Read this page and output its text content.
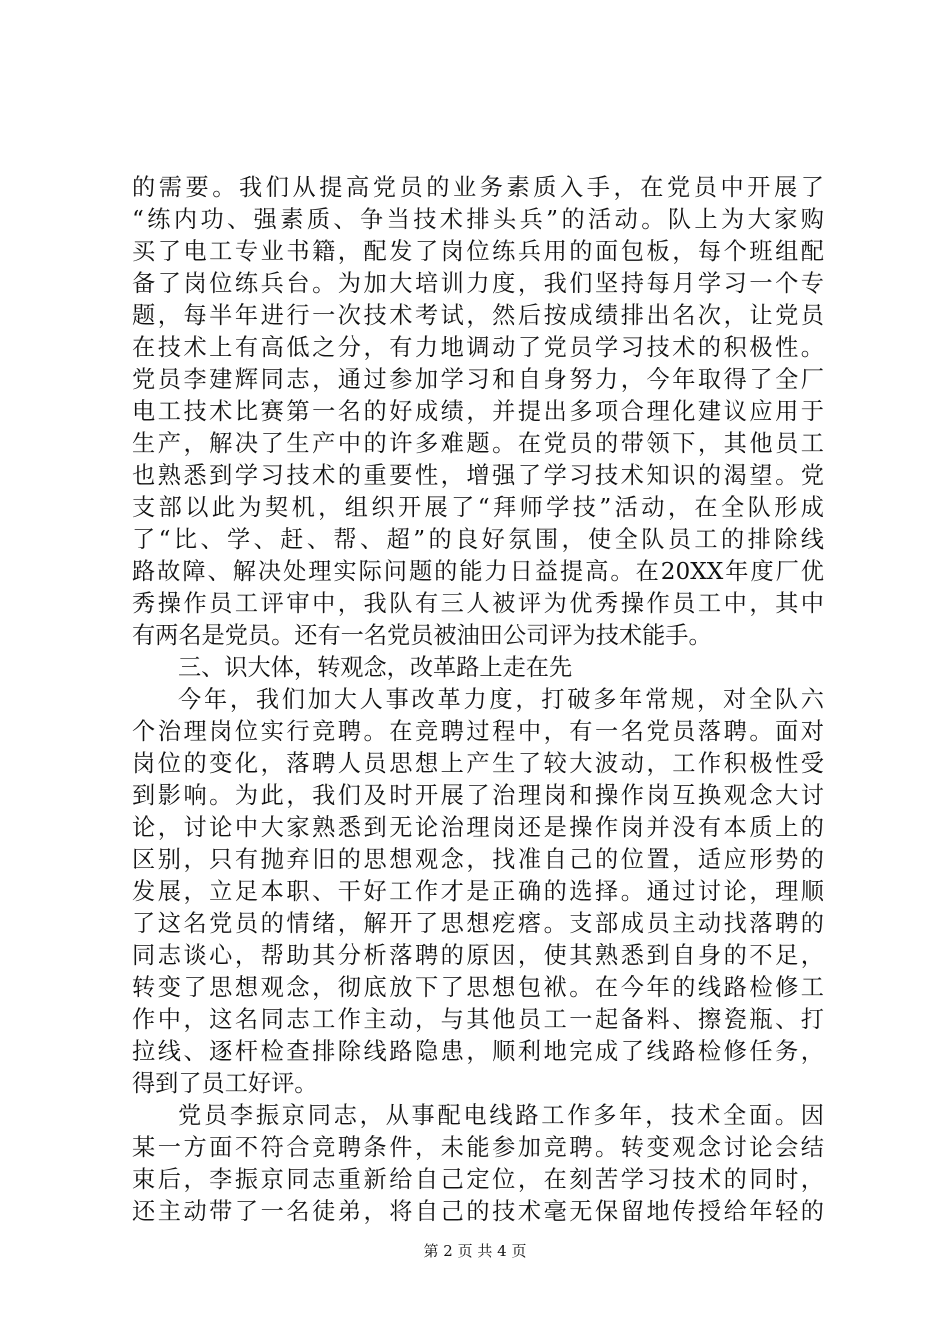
的需要。我们从提高党员的业务素质入手，在党员中开展了
“练内功、强素质、争当技术排头兵”的活动。队上为大家购
买了电工专业书籍，配发了岗位练兵用的面包板，每个班组配
备了岗位练兵台。为加大培训力度，我们坚持每月学习一个专
题，每半年进行一次技术考试，然后按成绩排出名次，让党员
在技术上有高低之分，有力地调动了党员学习技术的积极性。
党员李建辉同志，通过参加学习和自身努力，今年取得了全厂
电工技术比赛第一名的好成绩，并提出多项合理化建议应用于
生产，解决了生产中的许多难题。在党员的带领下，其他员工
也熟悉到学习技术的重要性，增强了学习技术知识的渴望。党
支部以此为契机，组织开展了“拜师学技”活动，在全队形成
了“比、学、赶、帮、超”的良好氛围，使全队员工的排除线
路故障、解决处理实际问题的能力日益提高。在20XX年度厂优
秀操作员工评审中，我队有三人被评为优秀操作员工中，其中
有两名是党员。还有一名党员被油田公司评为技术能手。
三、识大体，转观念，改革路上走在先
今年，我们加大人事改革力度，打破多年常规，对全队六
个治理岗位实行竞聘。在竞聘过程中，有一名党员落聘。面对
岗位的变化，落聘人员思想上产生了较大波动，工作积极性受
到影响。为此，我们及时开展了治理岗和操作岗互换观念大讨
论，讨论中大家熟悉到无论治理岗还是操作岗并没有本质上的
区别，只有抛弃旧的思想观念，找准自己的位置，适应形势的
发展，立足本职、干好工作才是正确的选择。通过讨论，理顺
了这名党员的情绪，解开了思想疙瘩。支部成员主动找落聘的
同志谈心，帮助其分析落聘的原因，使其熟悉到自身的不足，
转变了思想观念，彻底放下了思想包袱。在今年的线路检修工
作中，这名同志工作主动，与其他员工一起备料、擦瓷瓶、打
拉线、逐杆检查排除线路隐患，顺利地完成了线路检修任务，
得到了员工好评。
党员李振京同志，从事配电线路工作多年，技术全面。因
某一方面不符合竞聘条件，未能参加竞聘。转变观念讨论会结
束后，李振京同志重新给自己定位，在刻苦学习技术的同时，
还主动带了一名徒弟，将自己的技术毫无保留地传授给年轻的
第 2 页 共 4 页
